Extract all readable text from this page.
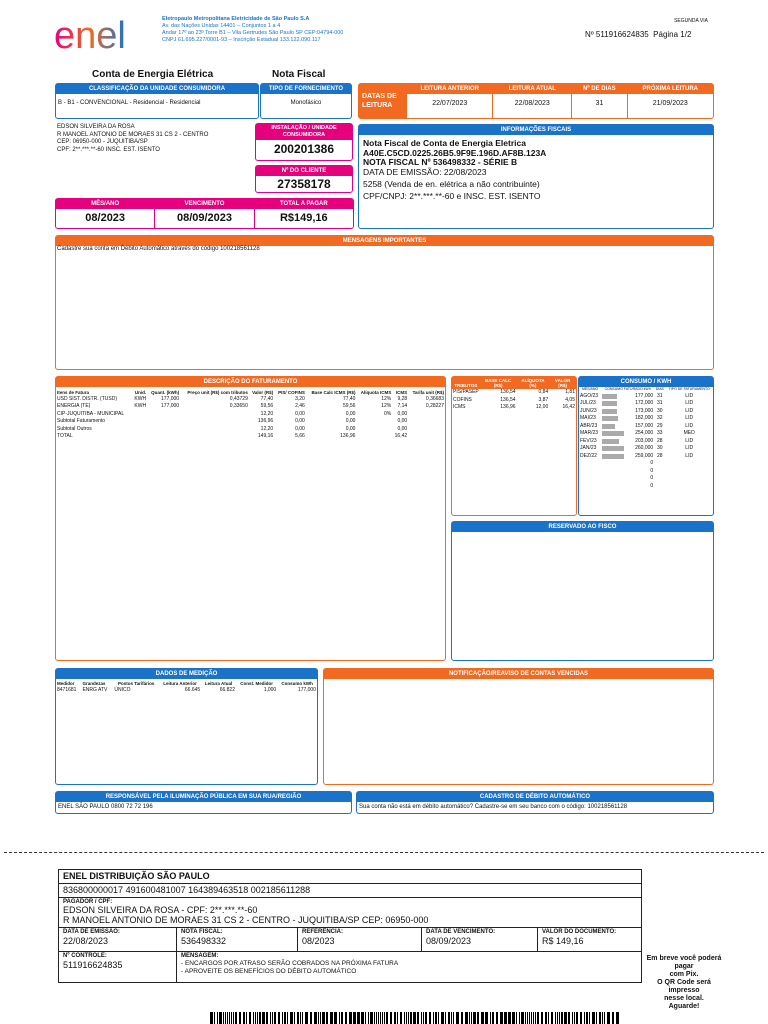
enel	Eletropaulo Metropolitana Eletricidade de São Paulo S.A
Av. das Nações Unidas 14401 – Conjuntos 1 a 4
Andar 17º ao 23º Torre B1 – Vila Gertrudes São Paulo SP CEP:04794-000
CNPJ 61.695.227/0001-93 – Inscrição Estadual 133.122.090.117
SEGUNDA VIA
Nº 511916624835 Página 1/2
Conta de Energia Elétrica	Nota Fiscal
CLASSIFICAÇÃO DA UNIDADE CONSUMIDORA
B - B1 - CONVENCIONAL - Residencial - Residencial
TIPO DE FORNECIMENTO
Monofásico
DATAS DE LEITURA
LEITURA ANTERIOR
22/07/2023
LEITURA ATUAL
22/08/2023
Nº DE DIAS
31
PRÓXIMA LEITURA
21/09/2023
EDSON SILVEIRA DA ROSA
R MANOEL ANTONIO DE MORAES 31 CS 2 - CENTRO
CEP: 06950-000 - JUQUITIBA/SP
CPF: 2**.***.**-60 INSC. EST. ISENTO
INSTALAÇÃO / UNIDADE CONSUMIDORA
200201386
Nº DO CLIENTE
27358178
INFORMAÇÕES FISCAIS
Nota Fiscal de Conta de Energia Eletrica
A40E.C5CD.0225.26B5.9F9E.196D.AF8B.123A
NOTA FISCAL Nº 536498332 - SÉRIE B
DATA DE EMISSÃO: 22/08/2023
5258 (Venda de en. elétrica a não contribuinte)
CPF/CNPJ: 2**.***.**-60 e INSC. EST. ISENTO
MÊS/ANO
08/2023
VENCIMENTO
08/09/2023
TOTAL A PAGAR
R$149,16
MENSAGENS IMPORTANTES
Cadastre sua conta em Débito Automático através do código 100218561128
DESCRIÇÃO DO FATURAMENTO
Itens de Fatura	Unid.	Quant. (kWh)	Preço unit (R$) com tributos	Valor (R$)	PIS/ COFINS	Base Calc ICMS (R$)	Alíquota ICMS	ICMS	Tarifa unit (R$)
USD SIST. DISTR. (TUSD)	KWH	177,000	0,43729	77,40	3,20	77,40	12%	9,28	0,36683
ENERGIA (TE)	KWH	177,000	0,33650	59,56	2,46	59,56	12%	7,14	0,28227
CIP-JUQUITIBA - MUNICIPAL				12,20	0,00	0,00	0%	0,00	

Subtotal Faturamento				136,96	0,00	0,00		0,00	
Subtotal Outros				12,20	0,00	0,00		0,00	

TOTAL				149,16	5,66	136,96		16,42	
TRIBUTOS	BASE CALC (R$)	ALÍQUOTA (%)	VALOR (R$)
PIS/PASEP	136,54	0,84	1,81
COFINS	136,54	3,87	4,05
ICMS	136,96	12,00	16,42
CONSUMO / KWH
MÊS/ANO	CONSUMO FATURADO kWh	DIAS	TIPO DE FATURAMENTO
AGO/23	177,000	31	LID
JUL/23	172,000	31	LID
JUN/23	173,000	30	LID
MAI/23	182,000	32	LID
ABR/23	157,000	29	LID
MAR/23	254,000	33	MED
FEV/23	203,000	28	LID
JAN/23	260,000	30	LID
DEZ/22	259,000	28	LID
	0		
	0		
	0		
	0		
RESERVADO AO FISCO
DADOS DE MEDIÇÃO
Medidor	Grandezas	Postos Tarifários	Leitura Anterior	Leitura Atual	Const. Medidor	Consumo kWh
8471681	ENRG ATV	ÚNICO	66.645	66.822	1,000	177,000
NOTIFICAÇÃO/REAVISO DE CONTAS VENCIDAS
RESPONSÁVEL PELA ILUMINAÇÃO PÚBLICA EM SUA RUA/REGIÃO
ENEL SÃO PAULO 0800 72 72 196
CADASTRO DE DÉBITO AUTOMÁTICO
Sua conta não está em débito automático? Cadastre-se em seu banco com o código: 100218561128
ENEL DISTRIBUIÇÃO SÃO PAULO
836800000017 491600481007 164389463518 002185611288
PAGADOR / CPF:
EDSON SILVEIRA DA ROSA - CPF: 2**.***.**-60
R MANOEL ANTONIO DE MORAES 31 CS 2 - CENTRO - JUQUITIBA/SP CEP: 06950-000
DATA DE EMISSÃO:
22/08/2023
NOTA FISCAL:
536498332
REFERÊNCIA:
08/2023
DATA DE VENCIMENTO:
08/09/2023
VALOR DO DOCUMENTO:
R$ 149,16
Nº CONTROLE:
511916624835
MENSAGEM:
- ENCARGOS POR ATRASO SERÃO COBRADOS NA PRÓXIMA FATURA
- APROVEITE OS BENEFÍCIOS DO DÉBITO AUTOMÁTICO
Em breve você poderá pagar
com Pix.
O QR Code será impresso
nesse local.
Aguarde!
